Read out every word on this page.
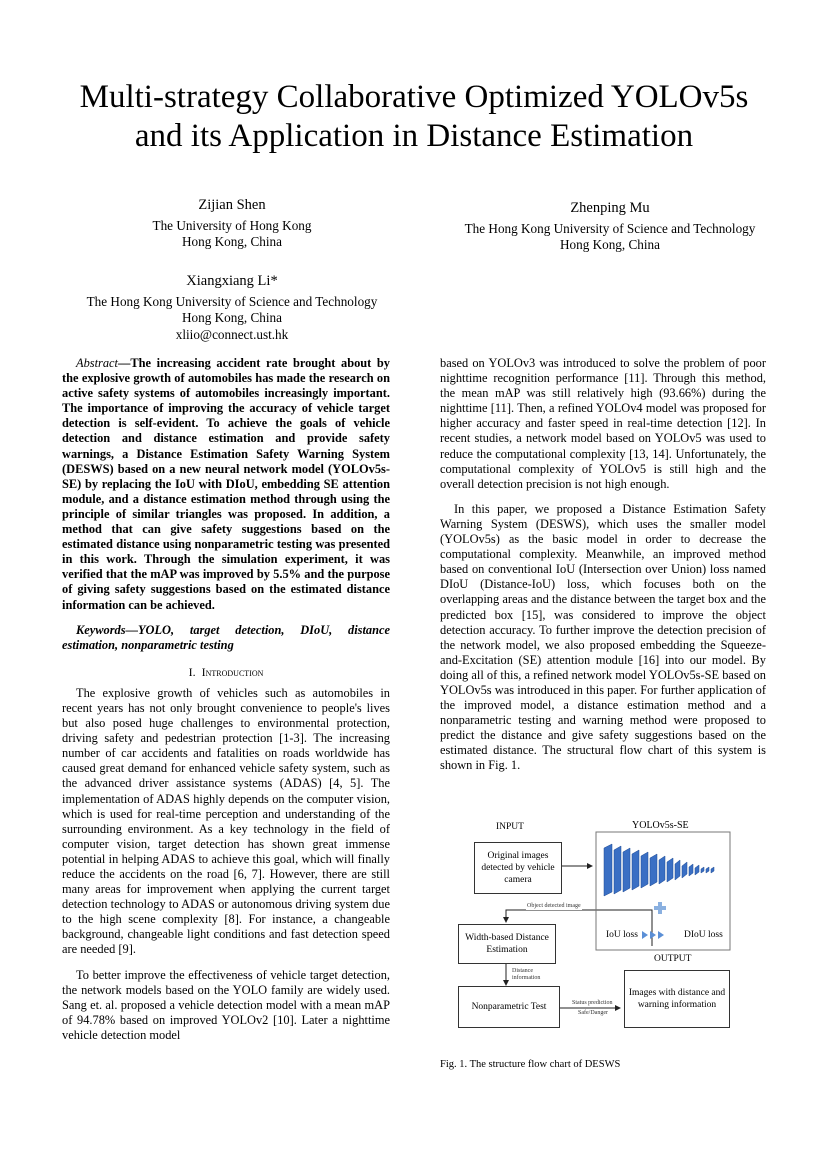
Multi-strategy Collaborative Optimized YOLOv5s
and its Application in Distance Estimation
Zijian Shen
The University of Hong Kong
Hong Kong, China
Zhenping Mu
The Hong Kong University of Science and Technology
Hong Kong, China
Xiangxiang Li*
The Hong Kong University of Science and Technology
Hong Kong, China
xliio@connect.ust.hk

Abstract—The increasing accident rate brought about by the explosive growth of automobiles has made the research on active safety systems of automobiles increasingly important. The importance of improving the accuracy of vehicle target detection is self-evident. To achieve the goals of vehicle detection and distance estimation and provide safety warnings, a Distance Estimation Safety Warning System (DESWS) based on a new neural network model (YOLOv5s-SE) by replacing the IoU with DIoU, embedding SE attention module, and a distance estimation method through using the principle of similar triangles was proposed. In addition, a method that can give safety suggestions based on the estimated distance using nonparametric testing was presented in this work. Through the simulation experiment, it was verified that the mAP was improved by 5.5% and the purpose of giving safety suggestions based on the estimated distance information can be achieved.

Keywords—YOLO, target detection, DIoU, distance estimation, nonparametric testing

I. Introduction

The explosive growth of vehicles such as automobiles in recent years has not only brought convenience to people's lives but also posed huge challenges to environmental protection, driving safety and pedestrian protection [1-3]. The increasing number of car accidents and fatalities on roads worldwide has caused great demand for enhanced vehicle safety system, such as the advanced driver assistance systems (ADAS) [4, 5]. The implementation of ADAS highly depends on the computer vision, which is used for real-time perception and understanding of the surrounding environment. As a key technology in the field of computer vision, target detection has shown great immense potential in helping ADAS to achieve this goal, which will finally reduce the accidents on the road [6, 7]. However, there are still many areas for improvement when applying the current target detection technology to ADAS or autonomous driving system due to the high scene complexity [8]. For instance, a changeable background, changeable light conditions and fast detection speed are needed [9].

To better improve the effectiveness of vehicle target detection, the network models based on the YOLO family are widely used. Sang et. al. proposed a vehicle detection model with a mean mAP of 94.78% based on improved YOLOv2 [10]. Later a nighttime vehicle detection model

based on YOLOv3 was introduced to solve the problem of poor nighttime recognition performance [11]. Through this method, the mean mAP was still relatively high (93.66%) during the nighttime [11]. Then, a refined YOLOv4 model was proposed for higher accuracy and faster speed in real-time detection [12]. In recent studies, a network model based on YOLOv5 was used to reduce the computational complexity [13, 14]. Unfortunately, the computational complexity of YOLOv5 is still high and the overall detection precision is not high enough.

In this paper, we proposed a Distance Estimation Safety Warning System (DESWS), which uses the smaller model (YOLOv5s) as the basic model in order to decrease the computational complexity. Meanwhile, an improved method based on conventional IoU (Intersection over Union) loss named DIoU (Distance-IoU) loss, which focuses both on the overlapping areas and the distance between the target box and the predicted box [15], was considered to improve the object detection accuracy. To further improve the detection precision of the network model, we also proposed embedding the Squeeze-and-Excitation (SE) attention module [16] into our model. By doing all of this, a refined network model YOLOv5s-SE based on YOLOv5s was introduced in this paper. For further application of the improved model, a distance estimation method and a nonparametric testing and warning method were proposed to predict the distance and give safety suggestions based on the estimated distance. The structural flow chart of this system is shown in Fig. 1.

INPUT	YOLOv5s-SE
OUTPUT
Original images detected by vehicle camera
Width-based Distance Estimation
Nonparametric Test
Images with distance and warning information
IoU loss	DIoU loss
Object detected image
Distance information
Status prediction
Safe/Danger
Fig. 1. The structure flow chart of DESWS
